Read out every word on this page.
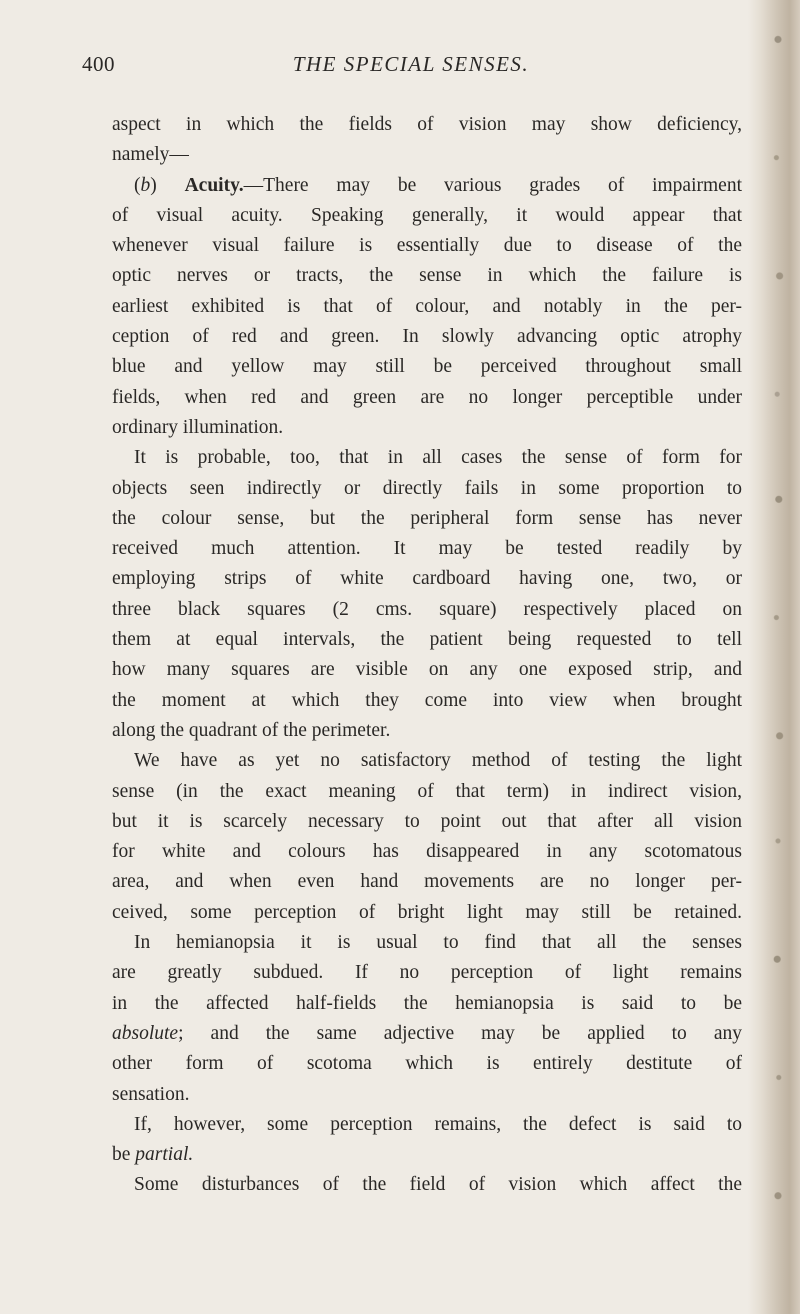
400	THE SPECIAL SENSES.
aspect in which the fields of vision may show deficiency,
namely—
(b) Acuity.—There may be various grades of impairment
of visual acuity. Speaking generally, it would appear that
whenever visual failure is essentially due to disease of the
optic nerves or tracts, the sense in which the failure is
earliest exhibited is that of colour, and notably in the per-
ception of red and green. In slowly advancing optic atrophy
blue and yellow may still be perceived throughout small
fields, when red and green are no longer perceptible under
ordinary illumination.
It is probable, too, that in all cases the sense of form for
objects seen indirectly or directly fails in some proportion to
the colour sense, but the peripheral form sense has never
received much attention. It may be tested readily by
employing strips of white cardboard having one, two, or
three black squares (2 cms. square) respectively placed on
them at equal intervals, the patient being requested to tell
how many squares are visible on any one exposed strip, and
the moment at which they come into view when brought
along the quadrant of the perimeter.
We have as yet no satisfactory method of testing the light
sense (in the exact meaning of that term) in indirect vision,
but it is scarcely necessary to point out that after all vision
for white and colours has disappeared in any scotomatous
area, and when even hand movements are no longer per-
ceived, some perception of bright light may still be retained.
In hemianopsia it is usual to find that all the senses
are greatly subdued. If no perception of light remains
in the affected half-fields the hemianopsia is said to be
absolute; and the same adjective may be applied to any
other form of scotoma which is entirely destitute of
sensation.
If, however, some perception remains, the defect is said to
be partial.
Some disturbances of the field of vision which affect the
